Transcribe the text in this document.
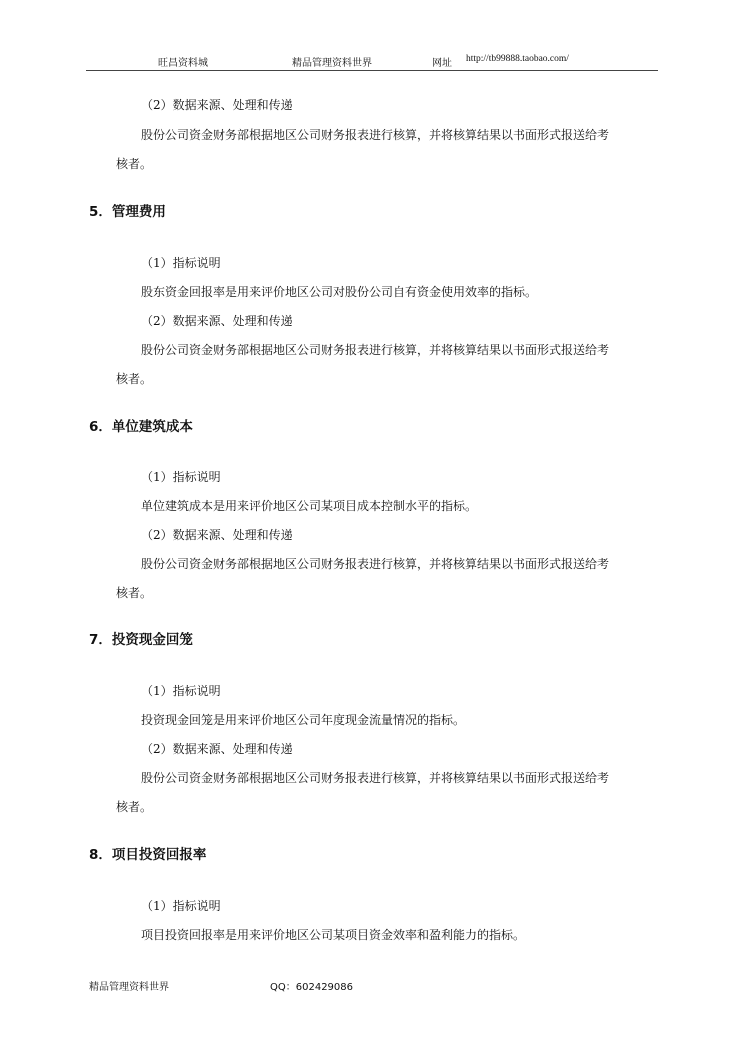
旺昌资料城	精品管理资料世界	网址 http://tb99888.taobao.com/
（2）数据来源、处理和传递
股份公司资金财务部根据地区公司财务报表进行核算，并将核算结果以书面形式报送给考
核者。
5．管理费用
（1）指标说明
股东资金回报率是用来评价地区公司对股份公司自有资金使用效率的指标。
（2）数据来源、处理和传递
股份公司资金财务部根据地区公司财务报表进行核算，并将核算结果以书面形式报送给考
核者。
6．单位建筑成本
（1）指标说明
单位建筑成本是用来评价地区公司某项目成本控制水平的指标。
（2）数据来源、处理和传递
股份公司资金财务部根据地区公司财务报表进行核算，并将核算结果以书面形式报送给考
核者。
7．投资现金回笼
（1）指标说明
投资现金回笼是用来评价地区公司年度现金流量情况的指标。
（2）数据来源、处理和传递
股份公司资金财务部根据地区公司财务报表进行核算，并将核算结果以书面形式报送给考
核者。
8．项目投资回报率
（1）指标说明
项目投资回报率是用来评价地区公司某项目资金效率和盈利能力的指标。
精品管理资料世界	QQ：602429086
